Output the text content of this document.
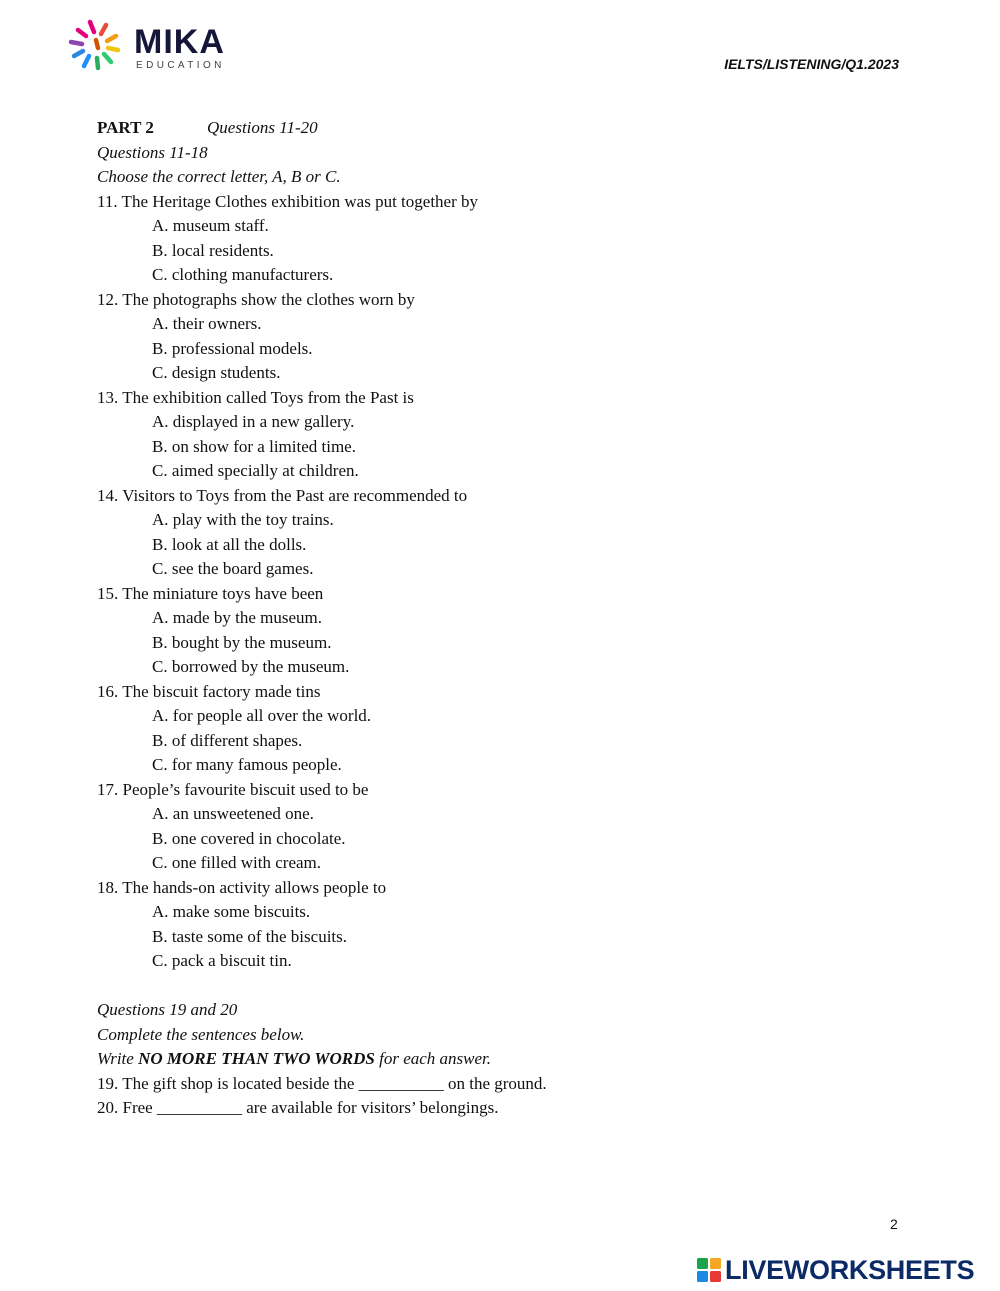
MIKA
EDUCATION	IELTS/LISTENING/Q1.2023
PART 2	Questions 11-20
Questions 11-18
Choose the correct letter, A, B or C.
11. The Heritage Clothes exhibition was put together by
A. museum staff.
B. local residents.
C. clothing manufacturers.
12. The photographs show the clothes worn by
A. their owners.
B. professional models.
C. design students.
13. The exhibition called Toys from the Past is
A. displayed in a new gallery.
B. on show for a limited time.
C. aimed specially at children.
14. Visitors to Toys from the Past are recommended to
A. play with the toy trains.
B. look at all the dolls.
C. see the board games.
15. The miniature toys have been
A. made by the museum.
B. bought by the museum.
C. borrowed by the museum.
16. The biscuit factory made tins
A. for people all over the world.
B. of different shapes.
C. for many famous people.
17. People’s favourite biscuit used to be
A. an unsweetened one.
B. one covered in chocolate.
C. one filled with cream.
18. The hands-on activity allows people to
A. make some biscuits.
B. taste some of the biscuits.
C. pack a biscuit tin.
Questions 19 and 20
Complete the sentences below.
Write NO MORE THAN TWO WORDS for each answer.
19. The gift shop is located beside the __________ on the ground.
20. Free __________ are available for visitors’ belongings.
2
LIVEWORKSHEETS
